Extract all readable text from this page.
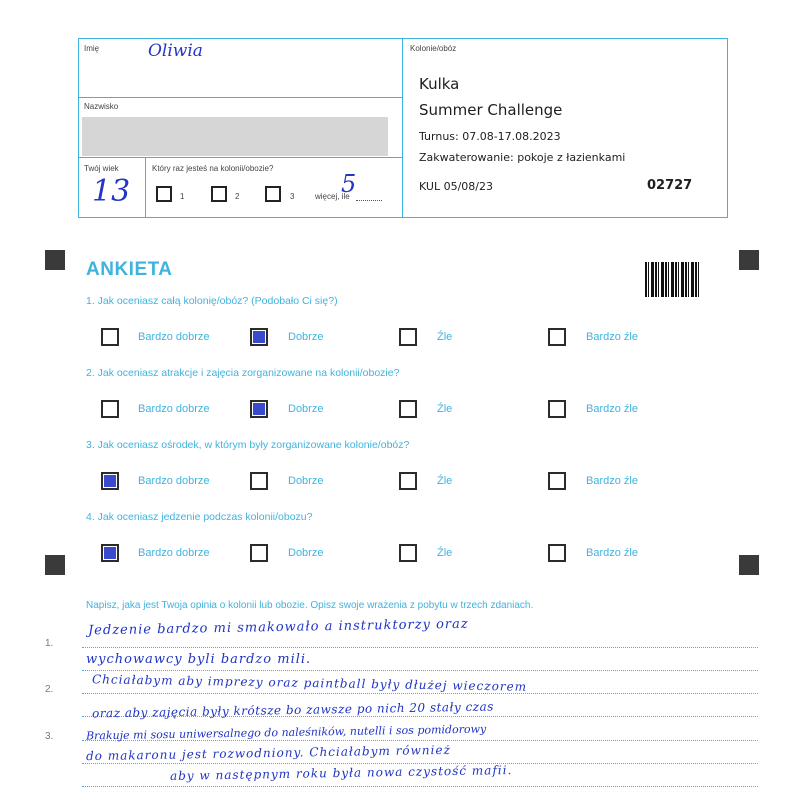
Imię	Oliwia
Nazwisko
Twój wiek
13
Który raz jesteś na kolonii/obozie?
1	2	3	więcej, ile
5
Kolonie/obóz
Kulka
Summer Challenge
Turnus: 07.08-17.08.2023
Zakwaterowanie: pokoje z łazienkami
KUL 05/08/23	02727
ANKIETA
1. Jak oceniasz całą kolonię/obóz? (Podobało Ci się?)
Bardzo dobrze	Dobrze	Źle	Bardzo źle
2. Jak oceniasz atrakcje i zajęcia zorganizowane na kolonii/obozie?
Bardzo dobrze	Dobrze	Źle	Bardzo źle
3. Jak oceniasz ośrodek, w którym były zorganizowane kolonie/obóz?
Bardzo dobrze	Dobrze	Źle	Bardzo źle
4. Jak oceniasz jedzenie podczas kolonii/obozu?
Bardzo dobrze	Dobrze	Źle	Bardzo źle
Napisz, jaka jest Twoja opinia o kolonii lub obozie. Opisz swoje wrażenia z pobytu w trzech zdaniach.
1.
2.
3.
Jedzenie bardzo mi smakowało a instruktorzy oraz
wychowawcy byli bardzo mili.
Chciałabym aby imprezy oraz paintball były dłużej wieczorem
oraz aby zajęcia były krótsze bo zawsze po nich 20 stały czas
Brakuje mi sosu uniwersalnego do naleśników, nutelli i sos pomidorowy
do makaronu jest rozwodniony. Chciałabym również
aby w następnym roku była nowa czystość mafii.
